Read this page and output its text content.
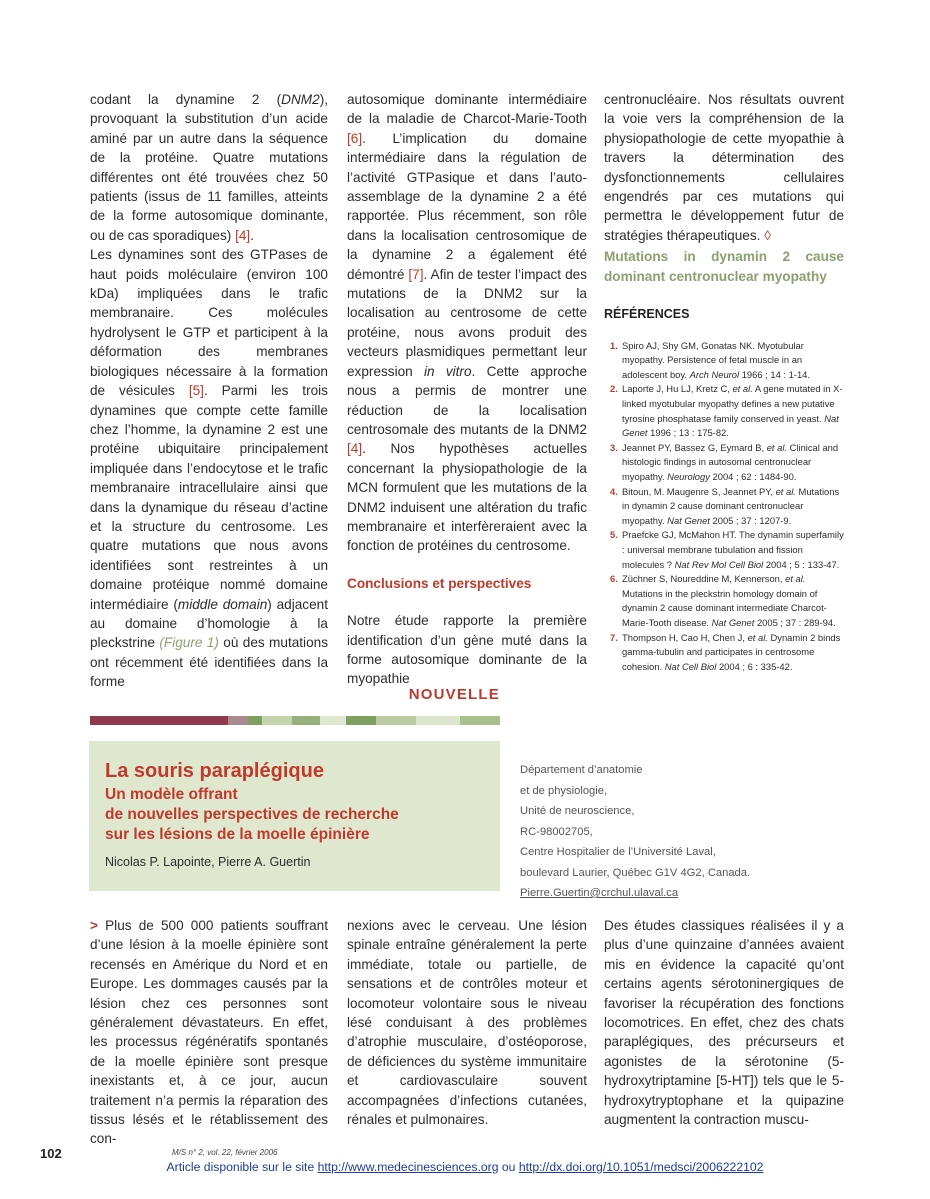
codant la dynamine 2 (DNM2), provoquant la substitution d’un acide aminé par un autre dans la séquence de la protéine. Quatre mutations différentes ont été trouvées chez 50 patients (issus de 11 familles, atteints de la forme autosomique dominante, ou de cas sporadiques) [4].

Les dynamines sont des GTPases de haut poids moléculaire (environ 100 kDa) impliquées dans le trafic membranaire. Ces molécules hydrolysent le GTP et participent à la déformation des membranes biologiques nécessaire à la formation de vésicules [5]. Parmi les trois dynamines que compte cette famille chez l’homme, la dynamine 2 est une protéine ubiquitaire principalement impliquée dans l’endocytose et le trafic membranaire intracellulaire ainsi que dans la dynamique du réseau d’actine et la structure du centrosome. Les quatre mutations que nous avons identifiées sont restreintes à un domaine protéique nommé domaine intermédiaire (middle domain) adjacent au domaine d’homologie à la pleckstrine (Figure 1) où des mutations ont récemment été identifiées dans la forme

autosomique dominante intermédiaire de la maladie de Charcot-Marie-Tooth [6]. L’implication du domaine intermédiaire dans la régulation de l’activité GTPasique et dans l’auto-assemblage de la dynamine 2 a été rapportée. Plus récemment, son rôle dans la localisation centrosomique de la dynamine 2 a également été démontré [7]. Afin de tester l’impact des mutations de la DNM2 sur la localisation au centrosome de cette protéine, nous avons produit des vecteurs plasmidiques permettant leur expression in vitro. Cette approche nous a permis de montrer une réduction de la localisation centrosomale des mutants de la DNM2 [4]. Nos hypothèses actuelles concernant la physiopathologie de la MCN formulent que les mutations de la DNM2 induisent une altération du trafic membranaire et interfèreraient avec la fonction de protéines du centrosome.

Conclusions et perspectives

Notre étude rapporte la première identification d’un gène muté dans la forme autosomique dominante de la myopathie

centronucléaire. Nos résultats ouvrent la voie vers la compréhension de la physiopathologie de cette myopathie à travers la détermination des dysfonctionnements cellulaires engendrés par ces mutations qui permettra le développement futur de stratégies thérapeutiques. ◊

Mutations in dynamin 2 cause dominant centronuclear myopathy
RÉFÉRENCES
1. Spiro AJ, Shy GM, Gonatas NK. Myotubular myopathy. Persistence of fetal muscle in an adolescent boy. Arch Neurol 1966 ; 14 : 1-14.
2. Laporte J, Hu LJ, Kretz C, et al. A gene mutated in X-linked myotubular myopathy defines a new putative tyrosine phosphatase family conserved in yeast. Nat Genet 1996 ; 13 : 175-82.
3. Jeannet PY, Bassez G, Eymard B, et al. Clinical and histologic findings in autosomal centronuclear myopathy. Neurology 2004 ; 62 : 1484-90.
4. Bitoun, M. Maugenre S, Jeannet PY, et al. Mutations in dynamin 2 cause dominant centronuclear myopathy. Nat Genet 2005 ; 37 : 1207-9.
5. Praefcke GJ, McMahon HT. The dynamin superfamily : universal membrane tubulation and fission molecules ? Nat Rev Mol Cell Biol 2004 ; 5 : 133-47.
6. Züchner S, Noureddine M, Kennerson, et al. Mutations in the pleckstrin homology domain of dynamin 2 cause dominant intermediate Charcot-Marie-Tooth disease. Nat Genet 2005 ; 37 : 289-94.
7. Thompson H, Cao H, Chen J, et al. Dynamin 2 binds gamma-tubulin and participates in centrosome cohesion. Nat Cell Biol 2004 ; 6 : 335-42.
NOUVELLE
La souris paraplégique
Un modèle offrant
de nouvelles perspectives de recherche
sur les lésions de la moelle épinière
Nicolas P. Lapointe, Pierre A. Guertin
Département d’anatomie
et de physiologie,
Unité de neuroscience,
RC-98002705,
Centre Hospitalier de l’Université Laval,
boulevard Laurier, Québec G1V 4G2, Canada.
Pierre.Guertin@crchul.ulaval.ca

> Plus de 500 000 patients souffrant d’une lésion à la moelle épinière sont recensés en Amérique du Nord et en Europe. Les dommages causés par la lésion chez ces personnes sont généralement dévastateurs. En effet, les processus régénératifs spontanés de la moelle épinière sont presque inexistants et, à ce jour, aucun traitement n’a permis la réparation des tissus lésés et le rétablissement des con-

nexions avec le cerveau. Une lésion spinale entraîne généralement la perte immédiate, totale ou partielle, de sensations et de contrôles moteur et locomoteur volontaire sous le niveau lésé conduisant à des problèmes d’atrophie musculaire, d’ostéoporose, de déficiences du système immunitaire et cardiovasculaire souvent accompagnées d’infections cutanées, rénales et pulmonaires.

Des études classiques réalisées il y a plus d’une quinzaine d’années avaient mis en évidence la capacité qu’ont certains agents sérotoninergiques de favoriser la récupération des fonctions locomotrices. En effet, chez des chats paraplégiques, des précurseurs et agonistes de la sérotonine (5-hydroxytriptamine [5-HT]) tels que le 5-hydroxytryptophane et la quipazine augmentent la contraction muscu-

102	M/S n° 2, vol. 22, février 2006
Article disponible sur le site http://www.medecinesciences.org ou http://dx.doi.org/10.1051/medsci/2006222102
